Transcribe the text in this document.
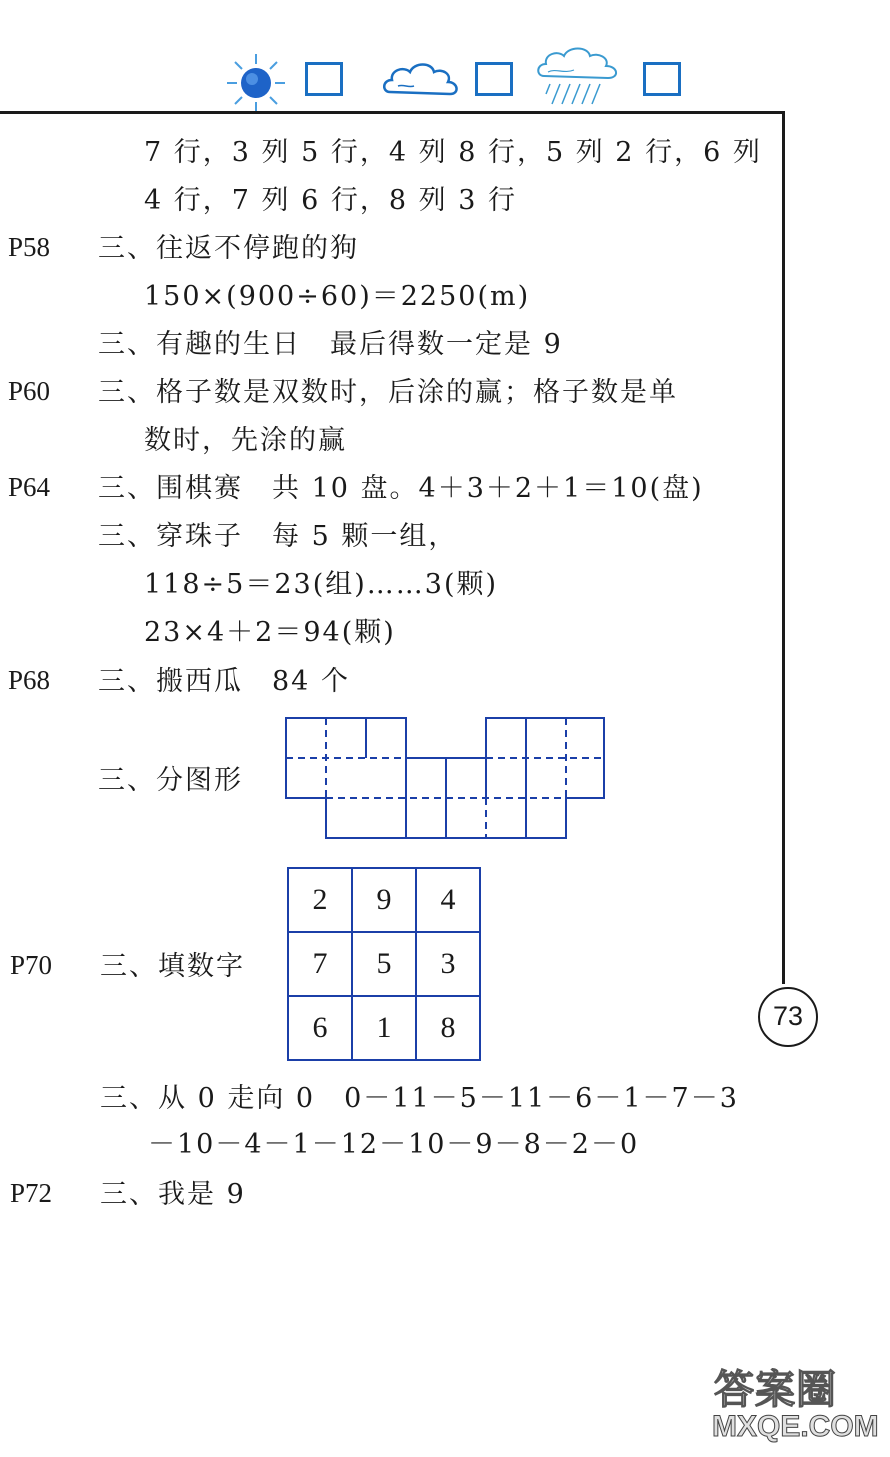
7 行，3 列 5 行，4 列 8 行，5 列 2 行，6 列
4 行，7 列 6 行，8 列 3 行
P58 三、往返不停跑的狗
150×(900÷60)＝2250(m)
三、有趣的生日　最后得数一定是 9
P60 三、格子数是双数时，后涂的赢；格子数是单
数时，先涂的赢
P64 三、围棋赛　共 10 盘。4＋3＋2＋1＝10(盘)
三、穿珠子　每 5 颗一组，
118÷5＝23(组)……3(颗)
23×4＋2＝94(颗)
P68 三、搬西瓜　84 个
三、分图形
2	9	4
7	5	3
6	1	8
P70 三、填数字
73
三、从 0 走向 0　0－11－5－11－6－1－7－3
－10－4－1－12－10－9－8－2－0
P72 三、我是 9
答案圈
MXQE.COM
